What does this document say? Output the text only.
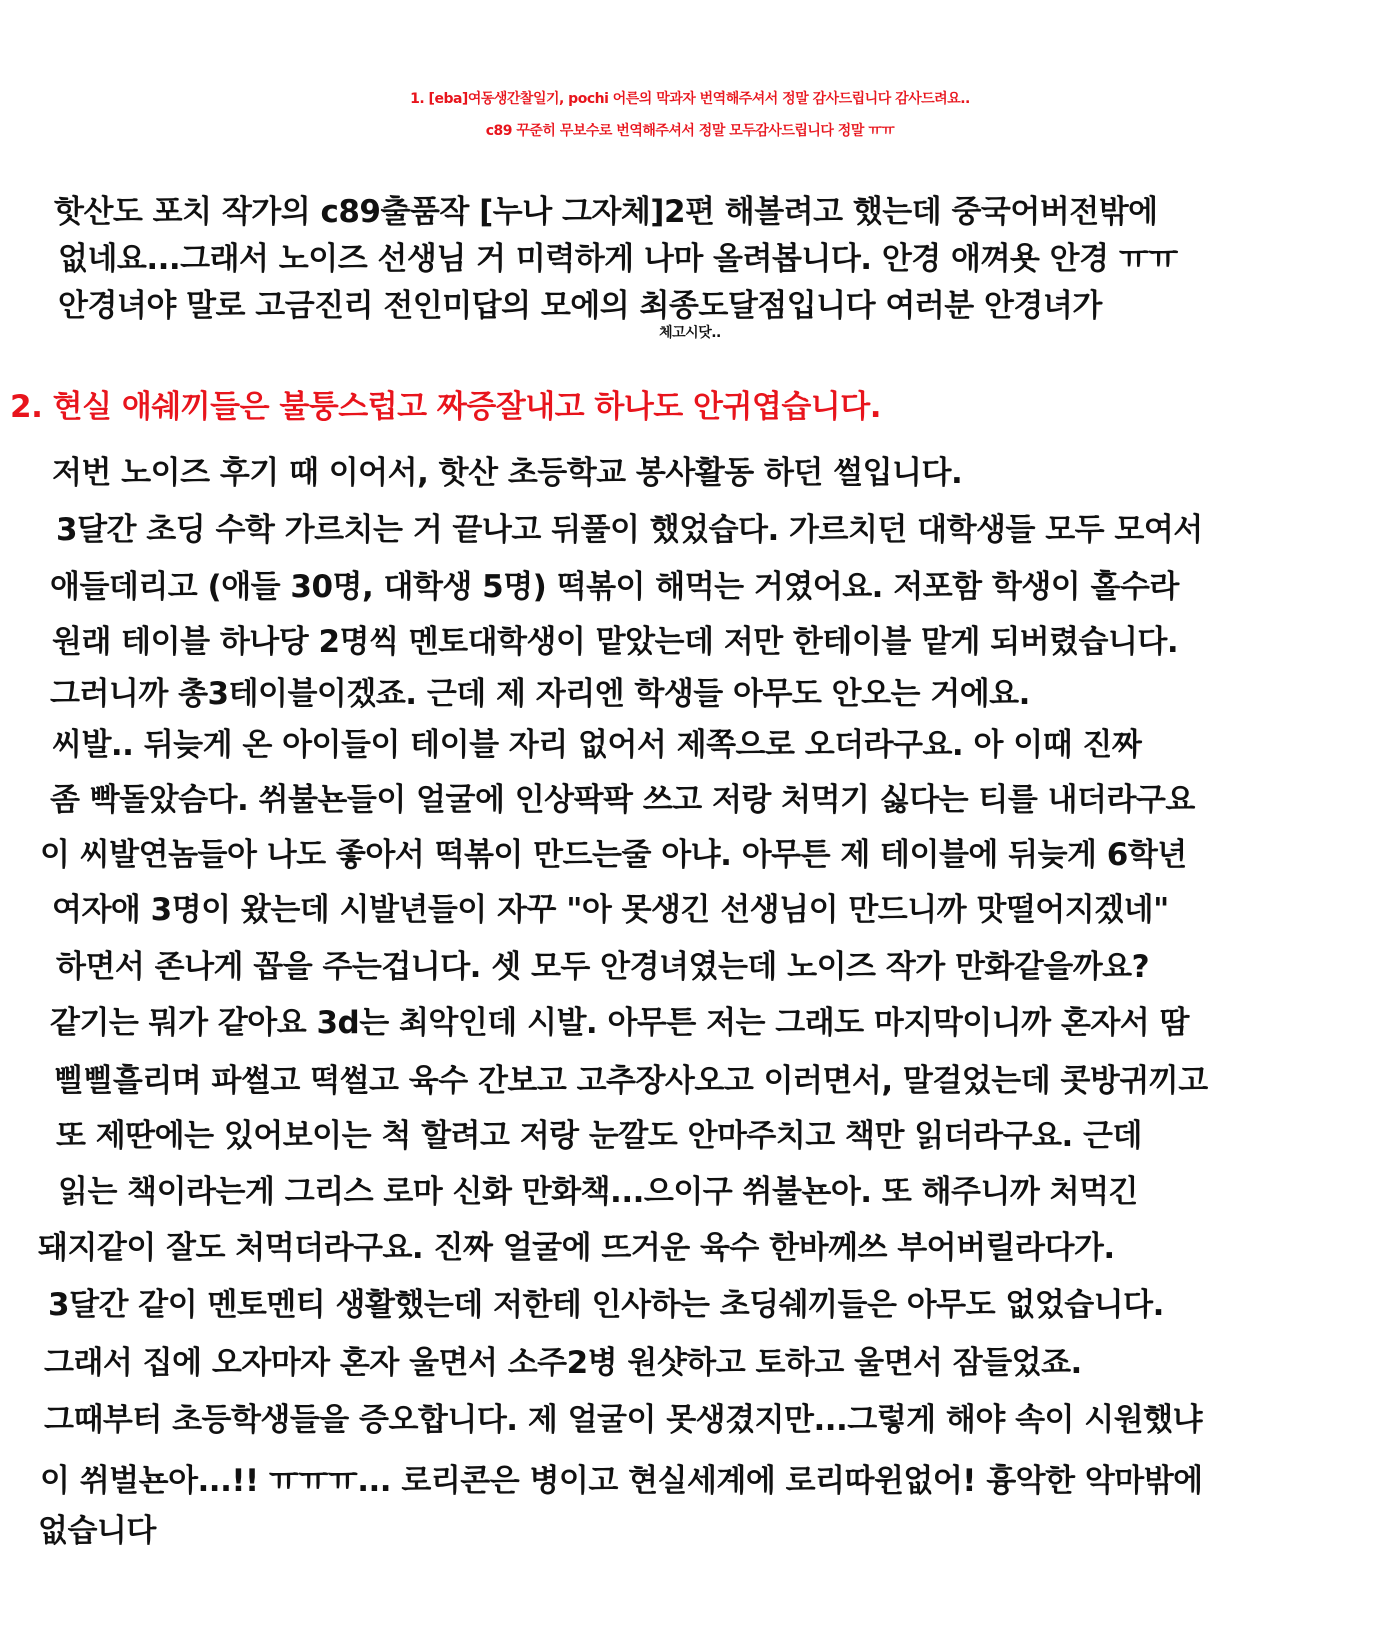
1. [eba]여동생간찰일기, pochi 어른의 막과자 번역해주셔서 정말 감사드립니다 감사드려요..
c89 꾸준히 무보수로 번역해주셔서 정말 모두감사드립니다 정말 ㅠㅠ
핫산도 포치 작가의 c89출품작 [누나 그자체]2편 해볼려고 했는데 중국어버전밖에
없네요...그래서 노이즈 선생님 거 미력하게 나마 올려봅니다. 안경 애껴욧 안경 ㅠㅠ
안경녀야 말로 고금진리 전인미답의 모에의 최종도달점입니다 여러분 안경녀가
체고시닷..
2. 현실 애쉐끼들은 불퉁스럽고 짜증잘내고 하나도 안귀엽습니다.
저번 노이즈 후기 때 이어서, 핫산 초등학교 봉사활동 하던 썰입니다.
3달간 초딩 수학 가르치는 거 끝나고 뒤풀이 했었습다. 가르치던 대학생들 모두 모여서
애들데리고 (애들 30명, 대학생 5명) 떡볶이 해먹는 거였어요. 저포함 학생이 홀수라
원래 테이블 하나당 2명씩 멘토대학생이 맡았는데 저만 한테이블 맡게 되버렸습니다.
그러니까 총3테이블이겠죠. 근데 제 자리엔 학생들 아무도 안오는 거에요.
씨발.. 뒤늦게 온 아이들이 테이블 자리 없어서 제쪽으로 오더라구요. 아 이때 진짜
좀 빡돌았슴다. 쒸불뇬들이 얼굴에 인상팍팍 쓰고 저랑 처먹기 싫다는 티를 내더라구요
이 씨발연놈들아 나도 좋아서 떡볶이 만드는줄 아냐. 아무튼 제 테이블에 뒤늦게 6학년
여자애 3명이 왔는데 시발년들이 자꾸 "아 못생긴 선생님이 만드니까 맛떨어지겠네"
하면서 존나게 꼽을 주는겁니다. 셋 모두 안경녀였는데 노이즈 작가 만화같을까요?
같기는 뭐가 같아요 3d는 최악인데 시발. 아무튼 저는 그래도 마지막이니까 혼자서 땀
삘삘흘리며 파썰고 떡썰고 육수 간보고 고추장사오고 이러면서, 말걸었는데 콧방귀끼고
또 제딴에는 있어보이는 척 할려고 저랑 눈깔도 안마주치고 책만 읽더라구요. 근데
읽는 책이라는게 그리스 로마 신화 만화책...으이구 쒸불뇬아. 또 해주니까 처먹긴
돼지같이 잘도 처먹더라구요. 진짜 얼굴에 뜨거운 육수 한바께쓰 부어버릴라다가.
3달간 같이 멘토멘티 생활했는데 저한테 인사하는 초딩쉐끼들은 아무도 없었습니다.
그래서 집에 오자마자 혼자 울면서 소주2병 원샷하고 토하고 울면서 잠들었죠.
그때부터 초등학생들을 증오합니다. 제 얼굴이 못생겼지만...그렇게 해야 속이 시원했냐
이 쒸벌뇬아...!! ㅠㅠㅠ... 로리콘은 병이고 현실세계에 로리따윈없어! 흉악한 악마밖에
없습니다
